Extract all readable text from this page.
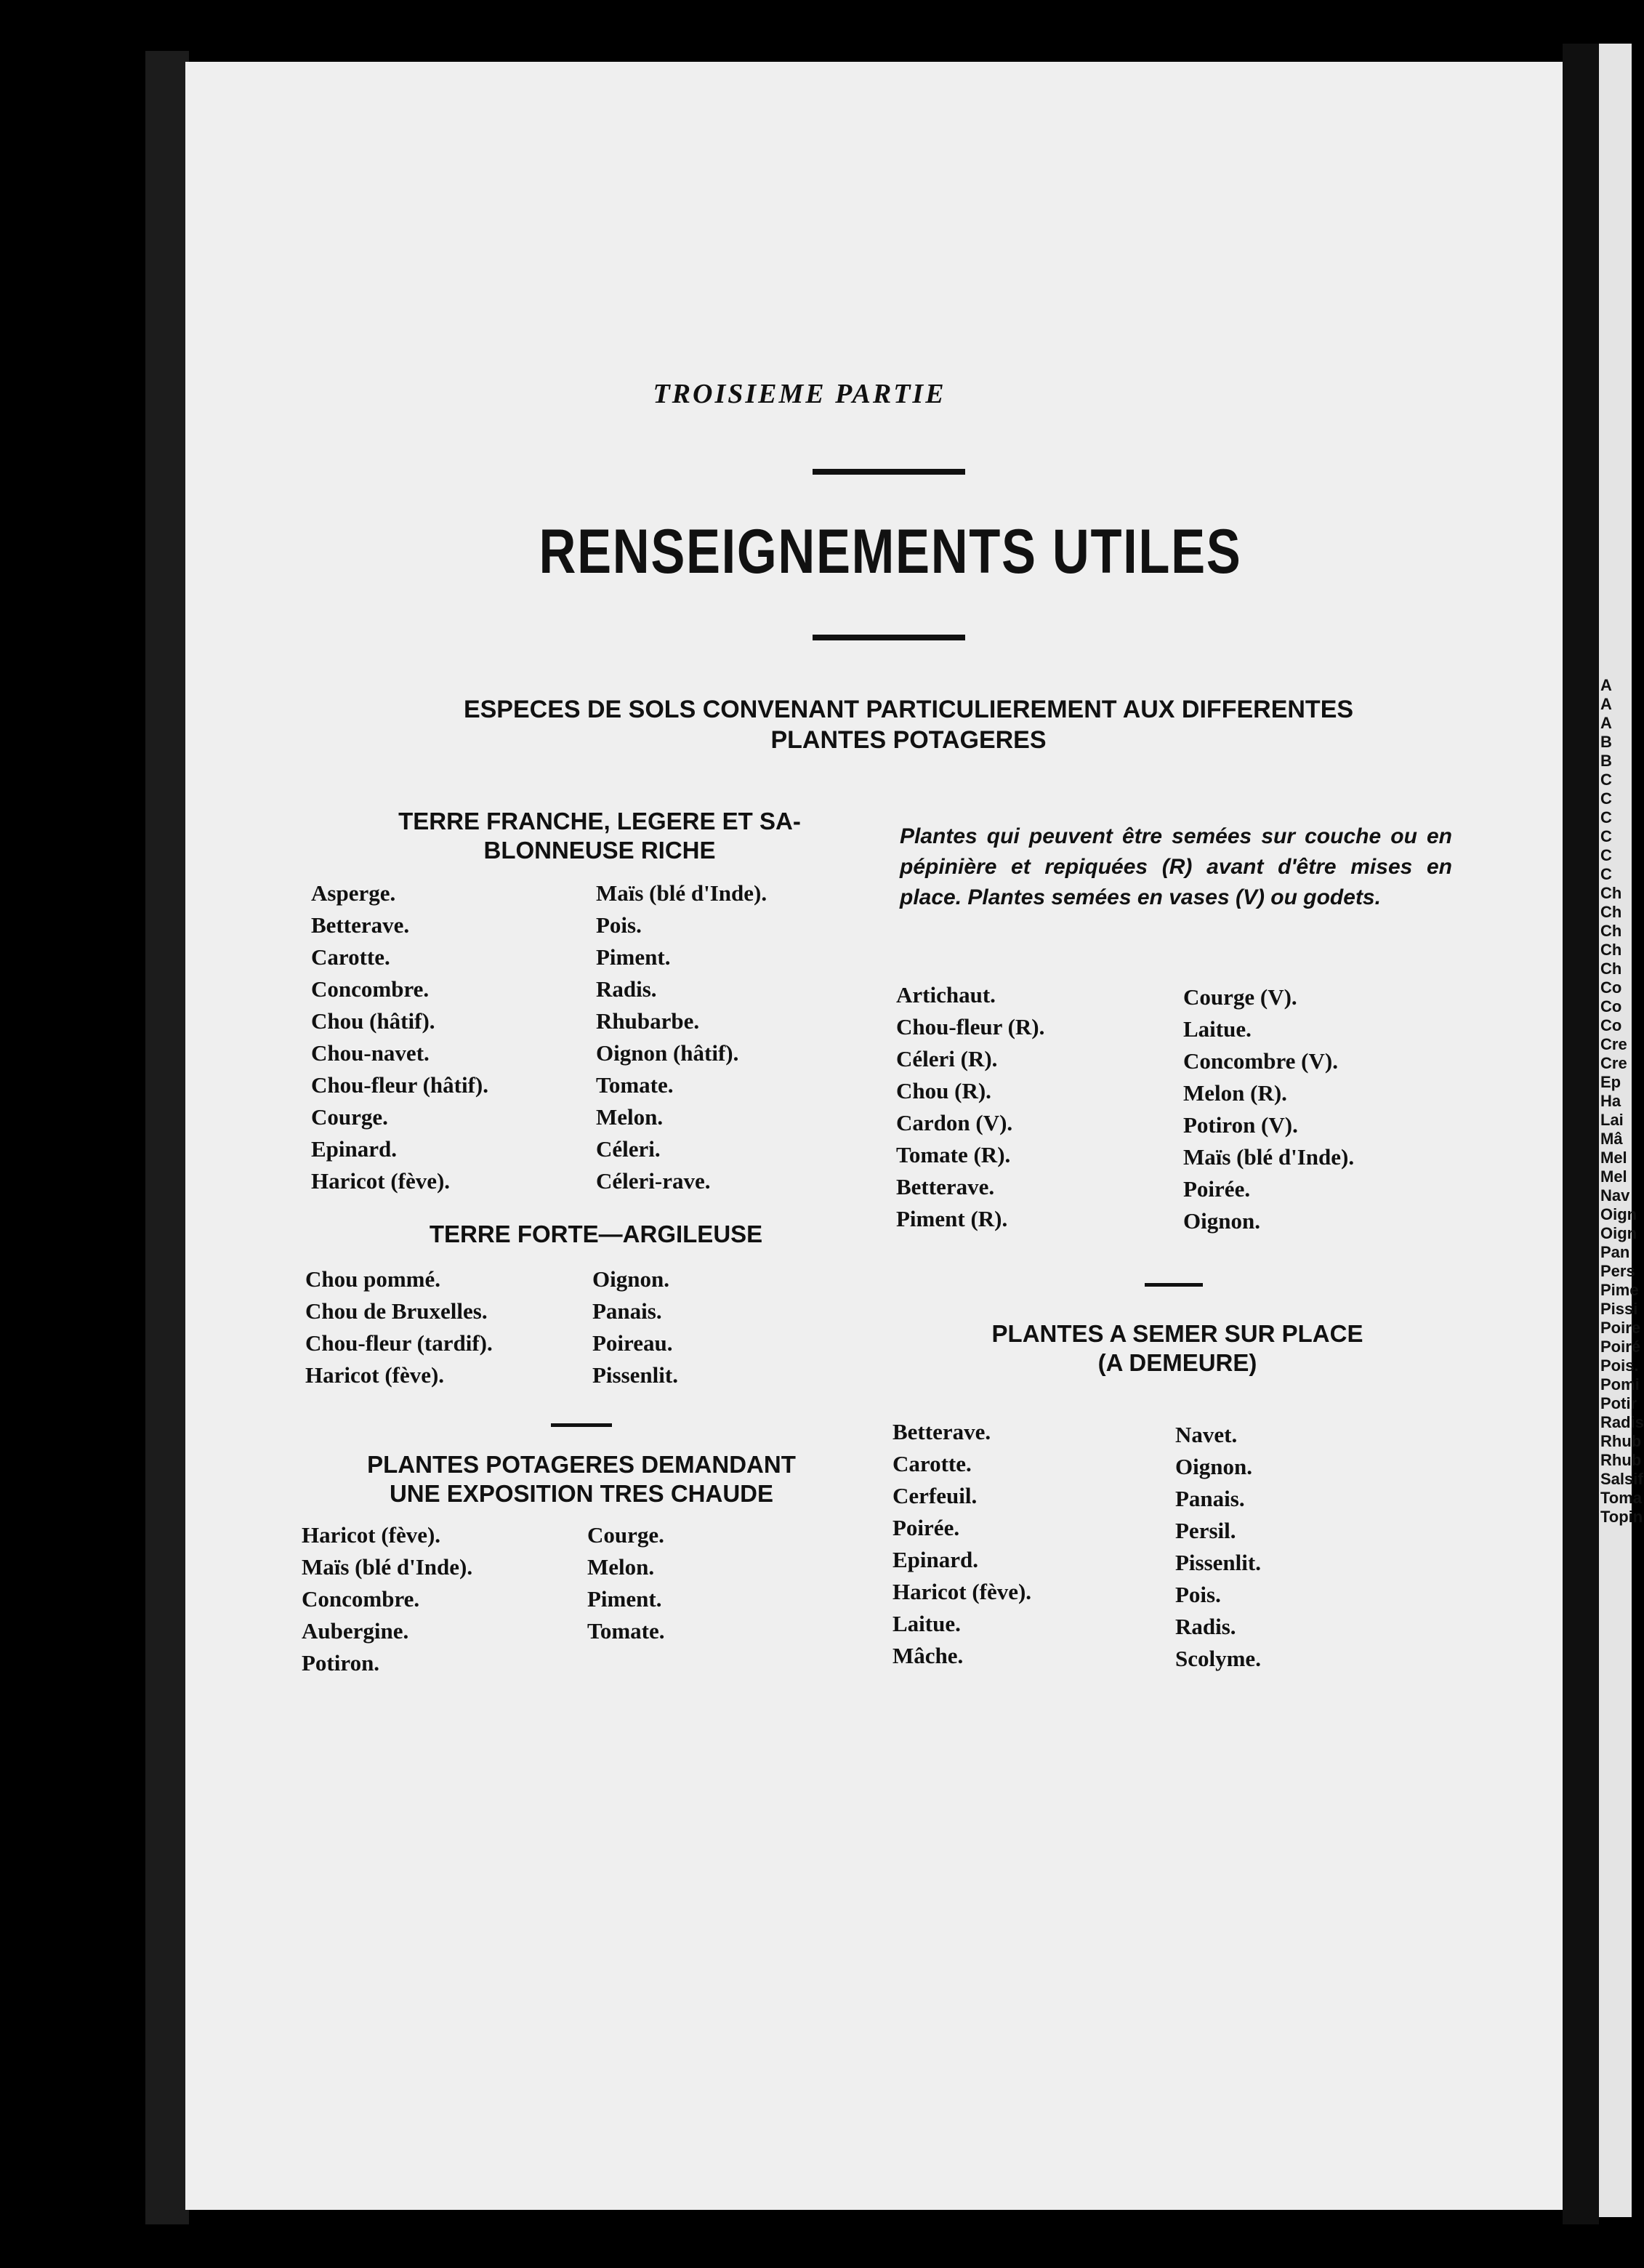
A
A
A
B
B
C
C
C
C
C
C
Ch
Ch
Ch
Ch
Ch
Co
Co
Co
Cre
Cre
Ep
Ha
Lai
Mâ
Mel
Mel
Nav
Oign
Oign
Pan
Pers
Pime
Pissi
Poire
Poiré
Pois.
Pomi
Potir
Radis
Rhub
Rhub
Salsif
Toma
Topin
TROISIEME PARTIE
RENSEIGNEMENTS UTILES
ESPECES DE SOLS CONVENANT PARTICULIEREMENT AUX DIFFERENTES
PLANTES POTAGERES
TERRE FRANCHE, LEGERE ET SA-
BLONNEUSE RICHE
Asperge.
Betterave.
Carotte.
Concombre.
Chou (hâtif).
Chou-navet.
Chou-fleur (hâtif).
Courge.
Epinard.
Haricot (fève).
Maïs (blé d'Inde).
Pois.
Piment.
Radis.
Rhubarbe.
Oignon (hâtif).
Tomate.
Melon.
Céleri.
Céleri-rave.
TERRE FORTE—ARGILEUSE
Chou pommé.
Chou de Bruxelles.
Chou-fleur (tardif).
Haricot (fève).
Oignon.
Panais.
Poireau.
Pissenlit.
PLANTES POTAGERES DEMANDANT
UNE EXPOSITION TRES CHAUDE
Haricot (fève).
Maïs (blé d'Inde).
Concombre.
Aubergine.
Potiron.
Courge.
Melon.
Piment.
Tomate.
Plantes qui peuvent être semées sur couche ou en pépinière et repiquées (R) avant d'être mises en place. Plantes semées en vases (V) ou godets.
Artichaut.
Chou-fleur (R).
Céleri (R).
Chou (R).
Cardon (V).
Tomate (R).
Betterave.
Piment (R).
Courge (V).
Laitue.
Concombre (V).
Melon (R).
Potiron (V).
Maïs (blé d'Inde).
Poirée.
Oignon.
PLANTES A SEMER SUR PLACE
(A DEMEURE)
Betterave.
Carotte.
Cerfeuil.
Poirée.
Epinard.
Haricot (fève).
Laitue.
Mâche.
Navet.
Oignon.
Panais.
Persil.
Pissenlit.
Pois.
Radis.
Scolyme.
